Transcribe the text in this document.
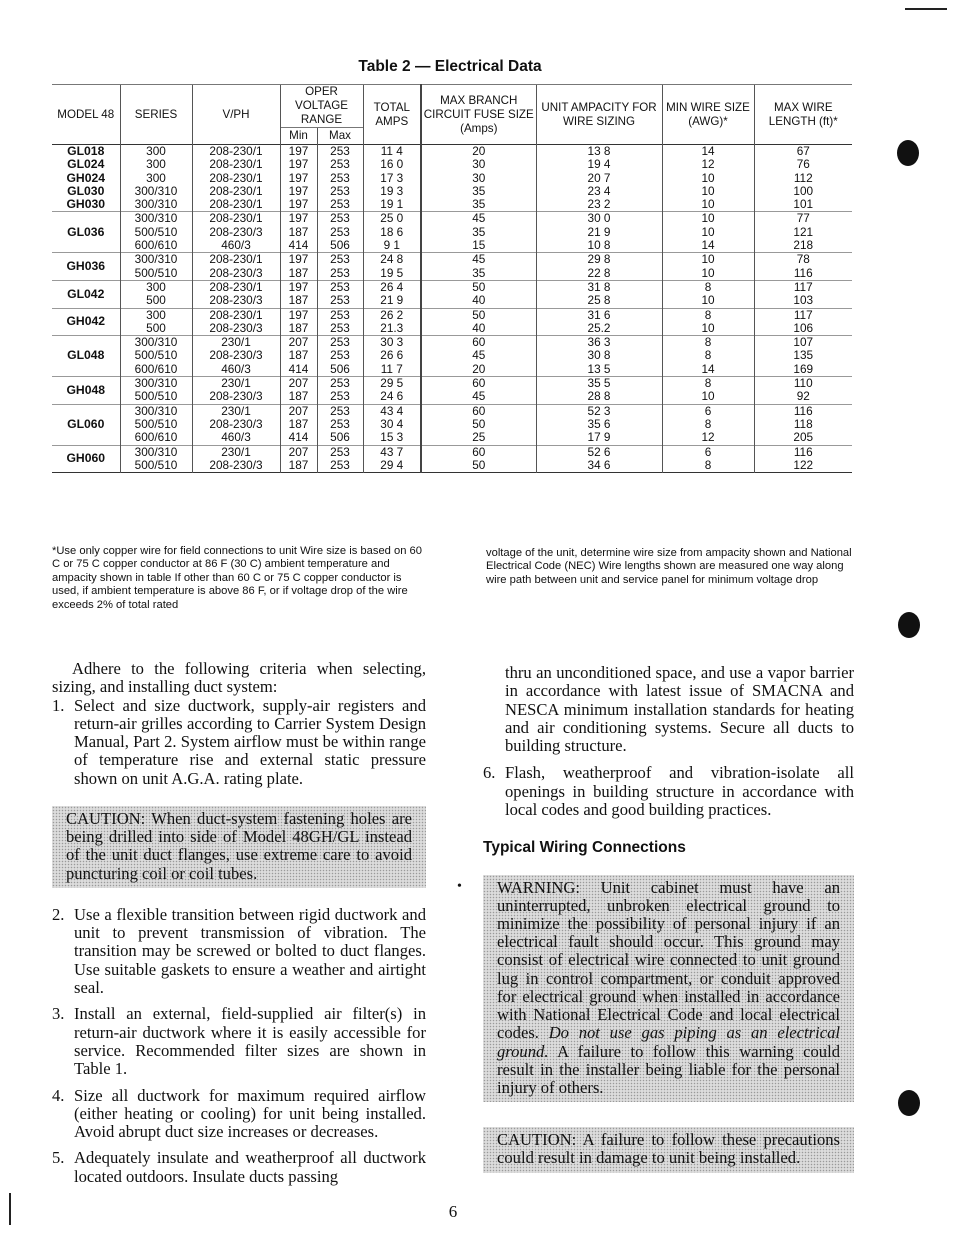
Table 2 — Electrical Data
MODEL 48	SERIES	V/PH	OPER VOLTAGE RANGE		TOTAL AMPS	MAX BRANCH CIRCUIT FUSE SIZE (Amps)	UNIT AMPACITY FOR WIRE SIZING	MIN WIRE SIZE (AWG)*	MAX WIRE LENGTH (ft)*
			Min	Max					
GL018	300	208-230/1	197	253	11 4	20	13 8	14	67
GL024	300	208-230/1	197	253	16 0	30	19 4	12	76
GH024	300	208-230/1	197	253	17 3	30	20 7	10	112
GL030	300/310	208-230/1	197	253	19 3	35	23 4	10	100
GH030	300/310	208-230/1	197	253	19 1	35	23 2	10	101
GL036	300/310	208-230/1	197	253	25 0	45	30 0	10	77
	500/510	208-230/3	187	253	18 6	35	21 9	10	121
	600/610	460/3	414	506	9 1	15	10 8	14	218
GH036	300/310	208-230/1	197	253	24 8	45	29 8	10	78
	500/510	208-230/3	187	253	19 5	35	22 8	10	116
GL042	300	208-230/1	197	253	26 4	50	31 8	8	117
	500	208-230/3	187	253	21 9	40	25 8	10	103
GH042	300	208-230/1	197	253	26 2	50	31 6	8	117
	500	208-230/3	187	253	21.3	40	25.2	10	106
GL048	300/310	230/1	207	253	30 3	60	36 3	8	107
	500/510	208-230/3	187	253	26 6	45	30 8	8	135
	600/610	460/3	414	506	11 7	20	13 5	14	169
GH048	300/310	230/1	207	253	29 5	60	35 5	8	110
	500/510	208-230/3	187	253	24 6	45	28 8	10	92
GL060	300/310	230/1	207	253	43 4	60	52 3	6	116
	500/510	208-230/3	187	253	30 4	50	35 6	8	118
	600/610	460/3	414	506	15 3	25	17 9	12	205
GH060	300/310	230/1	207	253	43 7	60	52 6	6	116
	500/510	208-230/3	187	253	29 4	50	34 6	8	122

*Use only copper wire for field connections to unit Wire size is based on 60 C or 75 C copper conductor at 86 F (30 C) ambient temperature and ampacity shown in table If other than 60 C or 75 C copper conductor is used, if ambient temperature is above 86 F, or if voltage drop of the wire exceeds 2% of total rated

voltage of the unit, determine wire size from ampacity shown and National Electrical Code (NEC) Wire lengths shown are measured one way along wire path between unit and service panel for minimum voltage drop

Adhere to the following criteria when selecting, sizing, and installing duct system:

1. Select and size ductwork, supply-air registers and return-air grilles according to Carrier System Design Manual, Part 2. System airflow must be within range of temperature rise and external static pressure shown on unit A.G.A. rating plate.
CAUTION: When duct-system fastening holes are being drilled into side of Model 48GH/GL instead of the unit duct flanges, use extreme care to avoid puncturing coil or coil tubes.
2. Use a flexible transition between rigid ductwork and unit to prevent transmission of vibration. The transition may be screwed or bolted to duct flanges. Use suitable gaskets to ensure a weather and airtight seal.
3. Install an external, field-supplied air filter(s) in return-air ductwork where it is easily accessible for service. Recommended filter sizes are shown in Table 1.
4. Size all ductwork for maximum required airflow (either heating or cooling) for unit being installed. Avoid abrupt duct size increases or decreases.
5. Adequately insulate and weatherproof all ductwork located outdoors. Insulate ducts passing
thru an unconditioned space, and use a vapor barrier in accordance with latest issue of SMACNA and NESCA minimum installation standards for heating and air conditioning systems. Secure all ducts to building structure.
6. Flash, weatherproof and vibration-isolate all openings in building structure in accordance with local codes and good building practices.
Typical Wiring Connections
•	WARNING: Unit cabinet must have an uninterrupted, unbroken electrical ground to minimize the possibility of personal injury if an electrical fault should occur. This ground may consist of electrical wire connected to unit ground lug in control compartment, or conduit approved for electrical ground when installed in accordance with National Electrical Code and local electrical codes. Do not use gas piping as an electrical ground. A failure to follow this warning could result in the installer being liable for the personal injury of others.
CAUTION: A failure to follow these precautions could result in damage to unit being installed.
6
